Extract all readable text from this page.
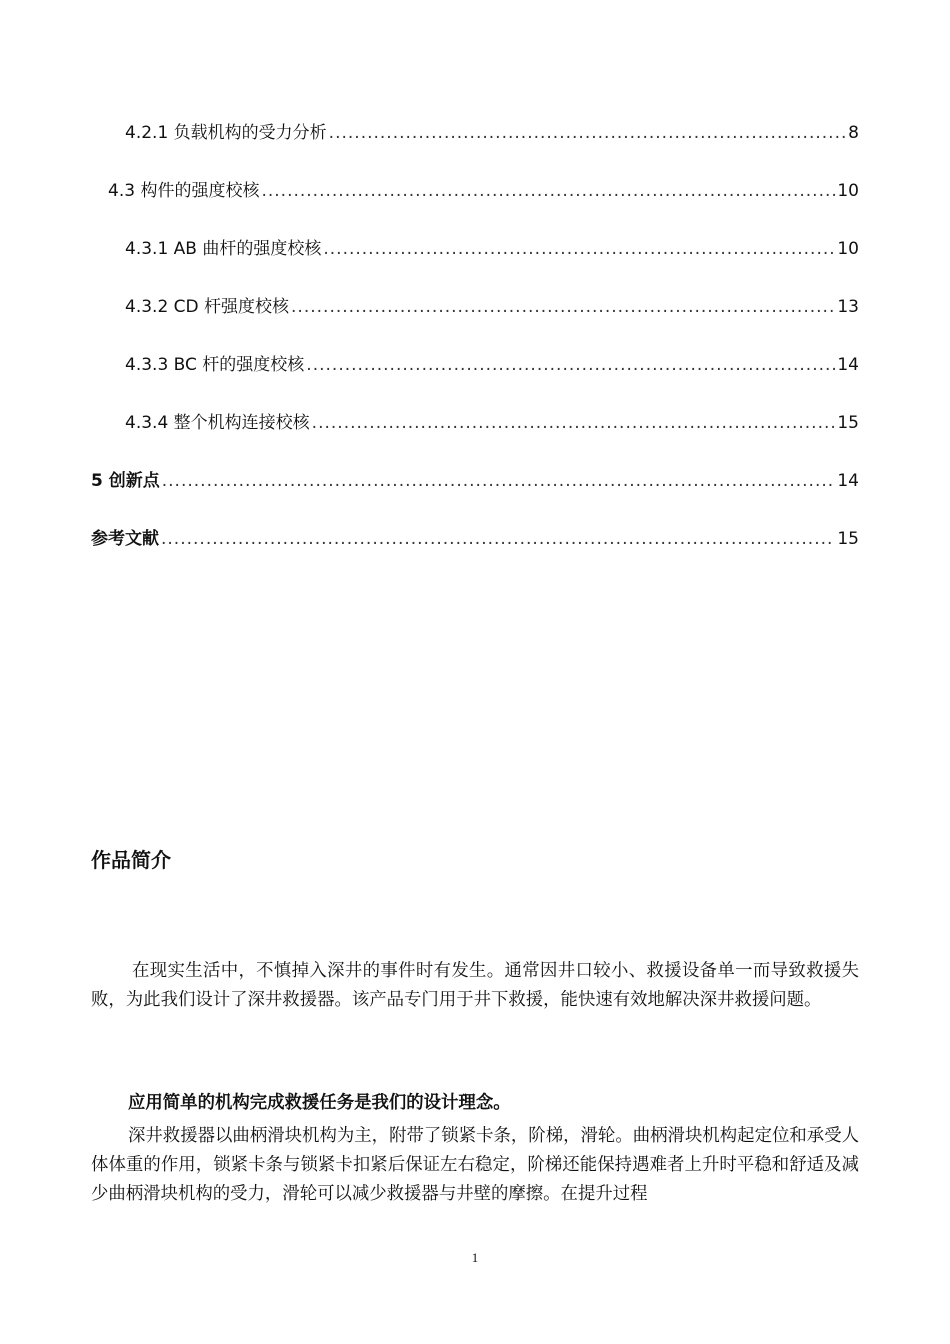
4.2.1 负载机构的受力分析 .....	8
4.3 构件的强度校核 .....	10
4.3.1 AB 曲杆的强度校核 .....	10
4.3.2 CD 杆强度校核 .....	13
4.3.3 BC 杆的强度校核 .....	14
4.3.4 整个机构连接校核 .....	15
5 创新点 .....	14
参考文献 .....	15
作品简介
在现实生活中，不慎掉入深井的事件时有发生。通常因井口较小、救援设备单一而导致救援失败，为此我们设计了深井救援器。该产品专门用于井下救援，能快速有效地解决深井救援问题。
应用简单的机构完成救援任务是我们的设计理念。
深井救援器以曲柄滑块机构为主，附带了锁紧卡条，阶梯，滑轮。曲柄滑块机构起定位和承受人体体重的作用，锁紧卡条与锁紧卡扣紧后保证左右稳定，阶梯还能保持遇难者上升时平稳和舒适及减少曲柄滑块机构的受力，滑轮可以减少救援器与井壁的摩擦。在提升过程
1
